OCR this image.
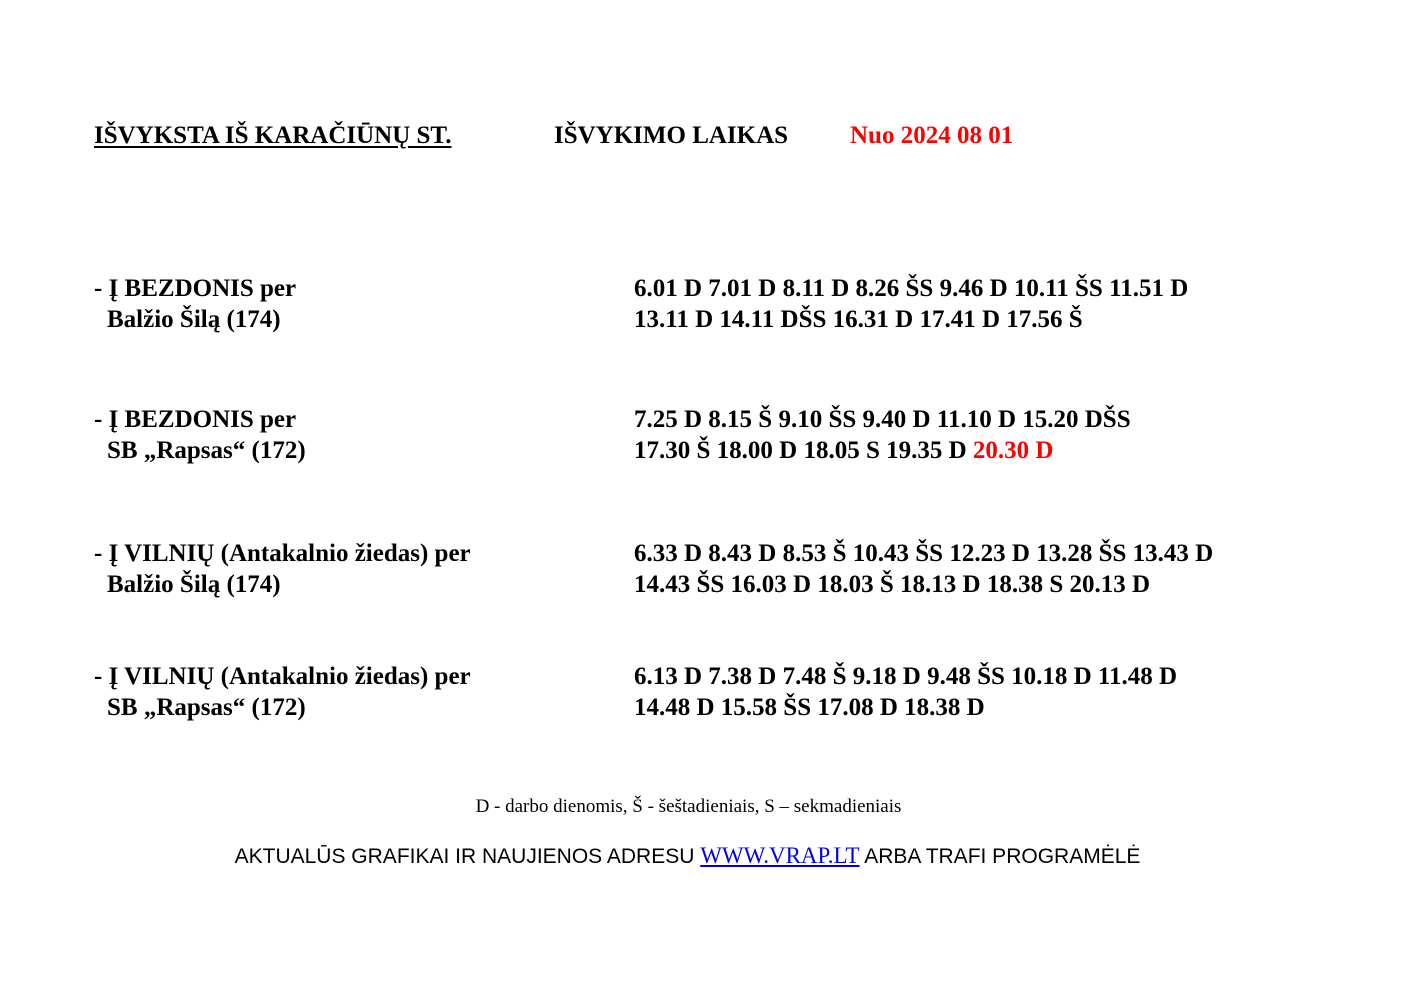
IŠVYKSTA IŠ KARAČIŪNŲ ST.	IŠVYKIMO LAIKAS Nuo 2024 08 01
- Į BEZDONIS per
Balžio Šilą (174)
6.01 D 7.01 D 8.11 D 8.26 ŠS 9.46 D 10.11 ŠS 11.51 D
13.11 D 14.11 DŠS 16.31 D 17.41 D 17.56 Š
- Į BEZDONIS per
SB „Rapsas“ (172)
7.25 D 8.15 Š 9.10 ŠS 9.40 D 11.10 D 15.20 DŠS
17.30 Š 18.00 D 18.05 S 19.35 D 20.30 D
- Į VILNIŲ (Antakalnio žiedas) per
Balžio Šilą (174)
6.33 D 8.43 D 8.53 Š 10.43 ŠS 12.23 D 13.28 ŠS 13.43 D
14.43 ŠS 16.03 D 18.03 Š 18.13 D 18.38 S 20.13 D
- Į VILNIŲ (Antakalnio žiedas) per
SB „Rapsas“ (172)
6.13 D 7.38 D 7.48 Š 9.18 D 9.48 ŠS 10.18 D 11.48 D
14.48 D 15.58 ŠS 17.08 D 18.38 D
D - darbo dienomis, Š - šeštadieniais, S – sekmadieniais
AKTUALŪS GRAFIKAI IR NAUJIENOS ADRESU WWW.VRAP.LT ARBA TRAFI PROGRAMĖLĖ
